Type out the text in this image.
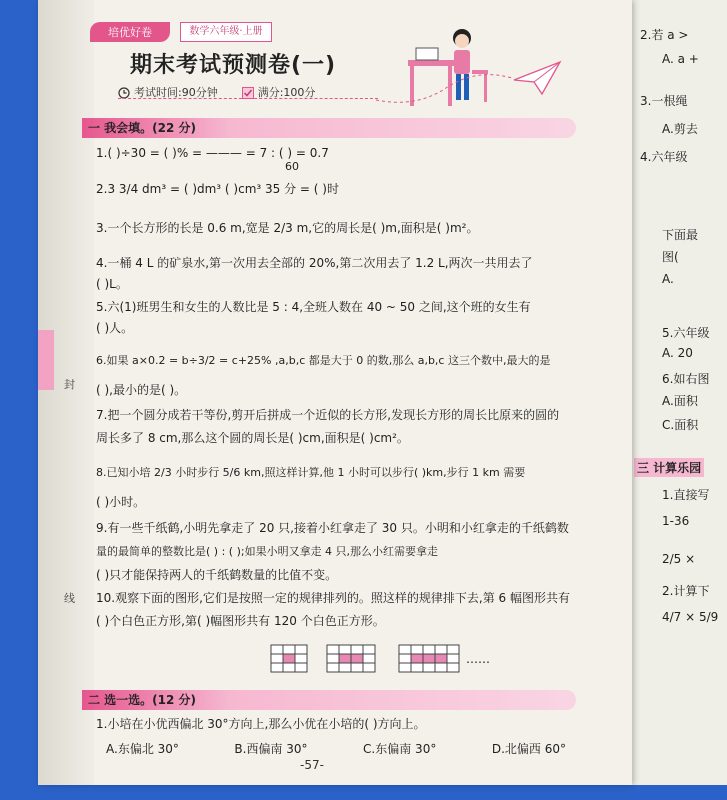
2.若 a >
A. a +
3.一根绳
A.剪去
4.六年级
下面最
图(
A.
5.六年级
A. 20
6.如右图
A.面积
C.面积
三 计算乐园
1.直接写
1-36
2/5 ×
2.计算下
4/7 × 5/9
封
线
培优好卷	数学六年级·上册
期末考试预测卷(一)
考试时间:90分钟	满分:100分
一 我会填。(22 分)
1.( )÷30 = ( )% = ——— = 7 : ( ) = 0.7
60
2.3 3/4 dm³ = ( )dm³ ( )cm³ 35 分 = ( )时
3.一个长方形的长是 0.6 m,宽是 2/3 m,它的周长是( )m,面积是( )m²。
4.一桶 4 L 的矿泉水,第一次用去全部的 20%,第二次用去了 1.2 L,两次一共用去了
( )L。
5.六(1)班男生和女生的人数比是 5 : 4,全班人数在 40 ~ 50 之间,这个班的女生有
( )人。
6.如果 a×0.2 = b÷3/2 = c+25% ,a,b,c 都是大于 0 的数,那么 a,b,c 这三个数中,最大的是
( ),最小的是( )。
7.把一个圆分成若干等份,剪开后拼成一个近似的长方形,发现长方形的周长比原来的圆的
周长多了 8 cm,那么这个圆的周长是( )cm,面积是( )cm²。
8.已知小培 2/3 小时步行 5/6 km,照这样计算,他 1 小时可以步行( )km,步行 1 km 需要
( )小时。
9.有一些千纸鹤,小明先拿走了 20 只,接着小红拿走了 30 只。小明和小红拿走的千纸鹤数
量的最简单的整数比是( ) : ( );如果小明又拿走 4 只,那么小红需要拿走
( )只才能保持两人的千纸鹤数量的比值不变。
10.观察下面的图形,它们是按照一定的规律排列的。照这样的规律排下去,第 6 幅图形共有
( )个白色正方形,第( )幅图形共有 120 个白色正方形。
……
二 选一选。(12 分)
1.小培在小优西偏北 30°方向上,那么小优在小培的( )方向上。
A.东偏北 30°	B.西偏南 30°	C.东偏南 30°	D.北偏西 60°
-57-
